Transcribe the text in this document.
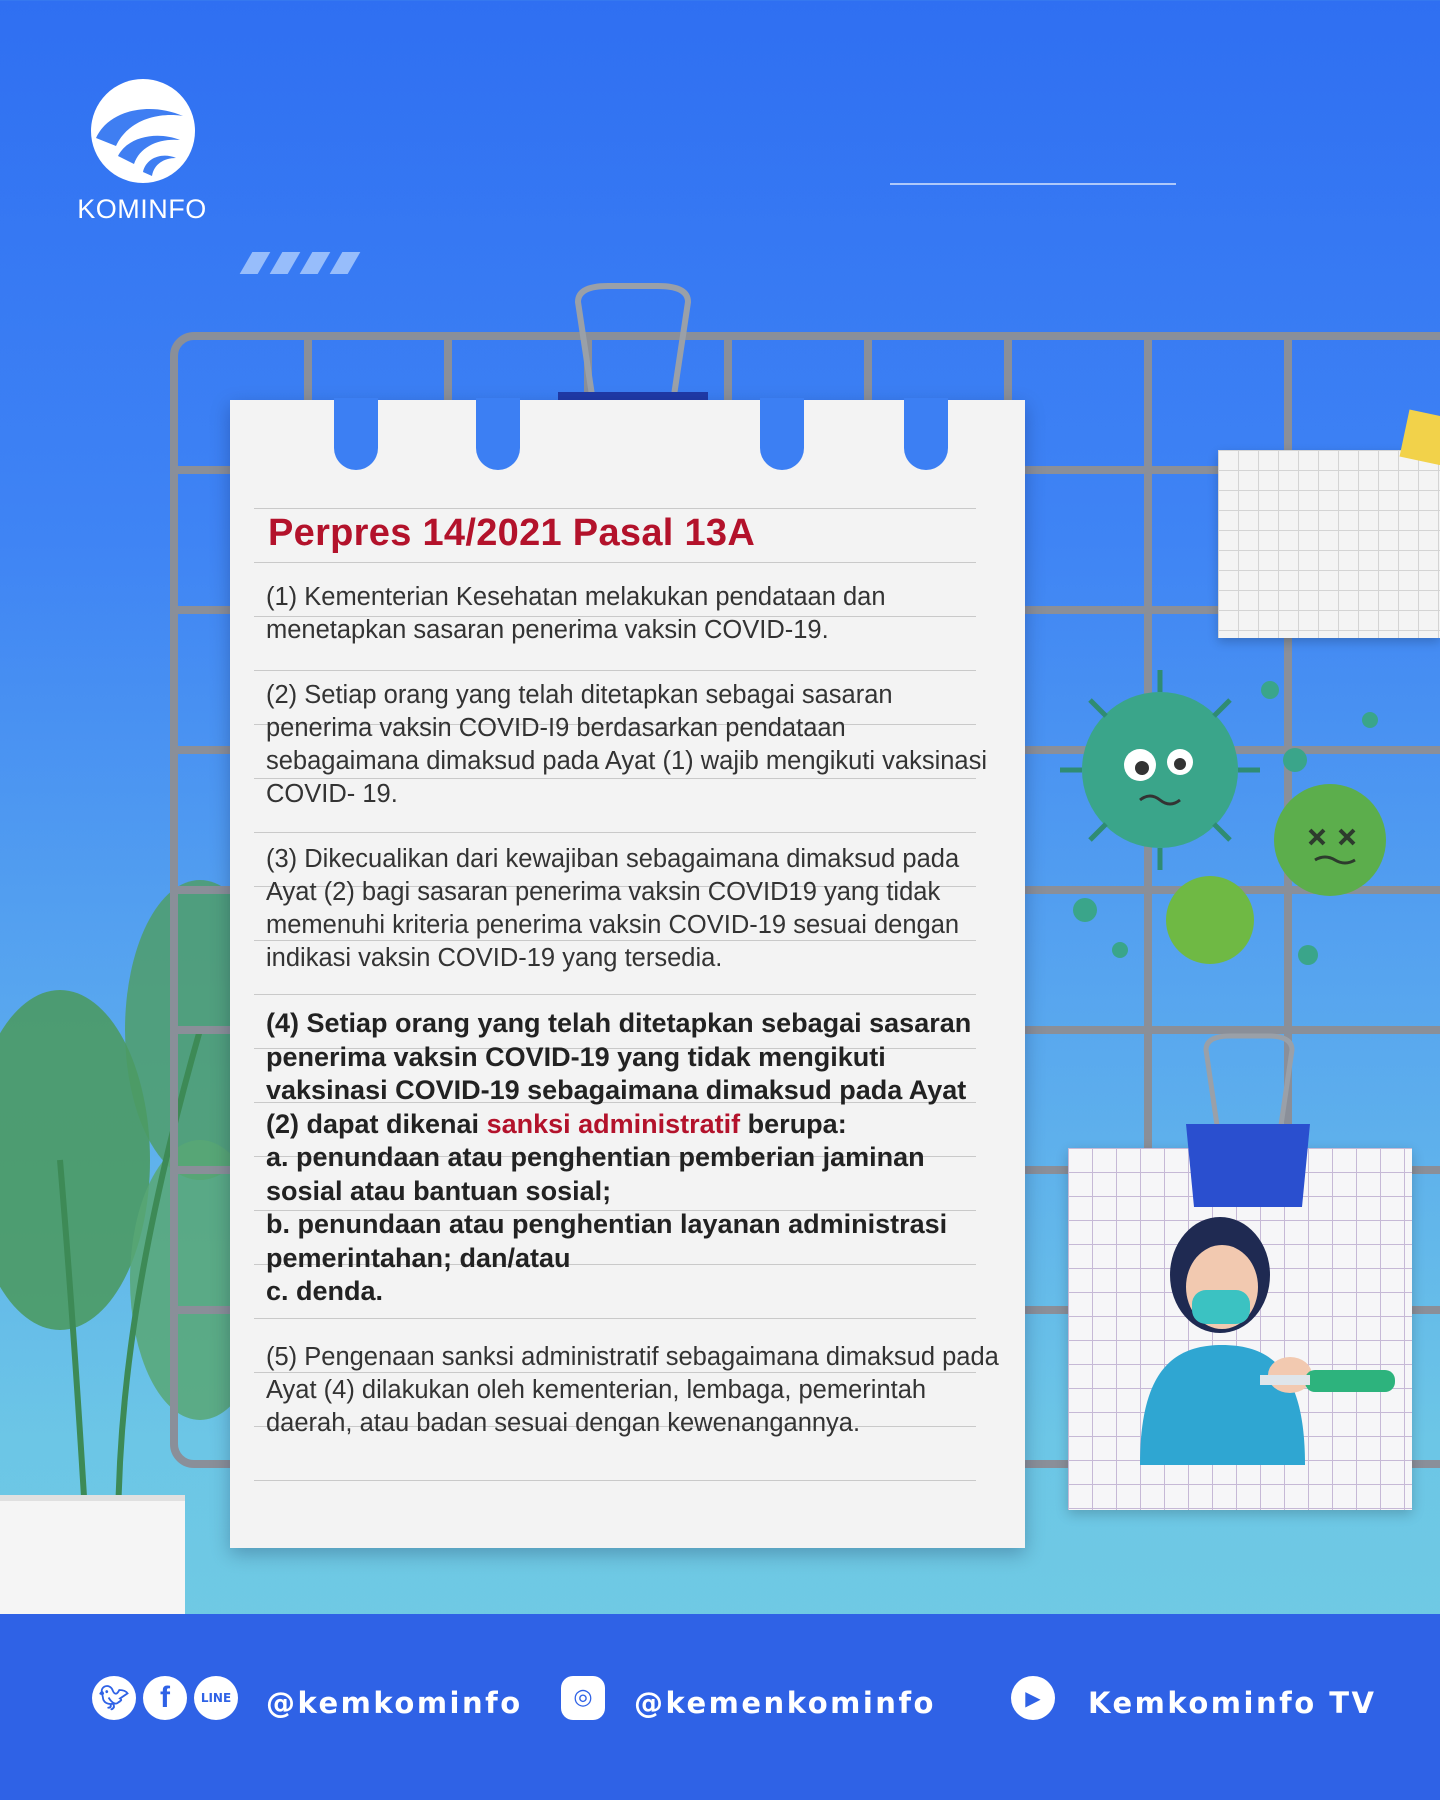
KOMINFO
Perpres 14/2021 Pasal 13A

(1) Kementerian Kesehatan melakukan pendataan dan menetapkan sasaran penerima vaksin COVID-19.

(2) Setiap orang yang telah ditetapkan sebagai sasaran penerima vaksin COVID-I9 berdasarkan pendataan sebagaimana dimaksud pada Ayat (1) wajib mengikuti vaksinasi COVID- 19.

(3) Dikecualikan dari kewajiban sebagaimana dimaksud pada Ayat (2) bagi sasaran penerima vaksin COVID19 yang tidak memenuhi kriteria penerima vaksin COVID-19 sesuai dengan indikasi vaksin COVID-19 yang tersedia.

(4) Setiap orang yang telah ditetapkan sebagai sasaran penerima vaksin COVID-19 yang tidak mengikuti vaksinasi COVID-19 sebagaimana dimaksud pada Ayat (2) dapat dikenai sanksi administratif berupa:
a. penundaan atau penghentian pemberian jaminan sosial atau bantuan sosial;
b. penundaan atau penghentian layanan administrasi pemerintahan; dan/atau
c. denda.

(5) Pengenaan sanksi administratif sebagaimana dimaksud pada Ayat (4) dilakukan oleh kementerian, lembaga, pemerintah daerah, atau badan sesuai dengan kewenangannya.

🐦︎	f	LINE @kemkominfo	◎	@kemenkominfo	▶	Kemkominfo TV
